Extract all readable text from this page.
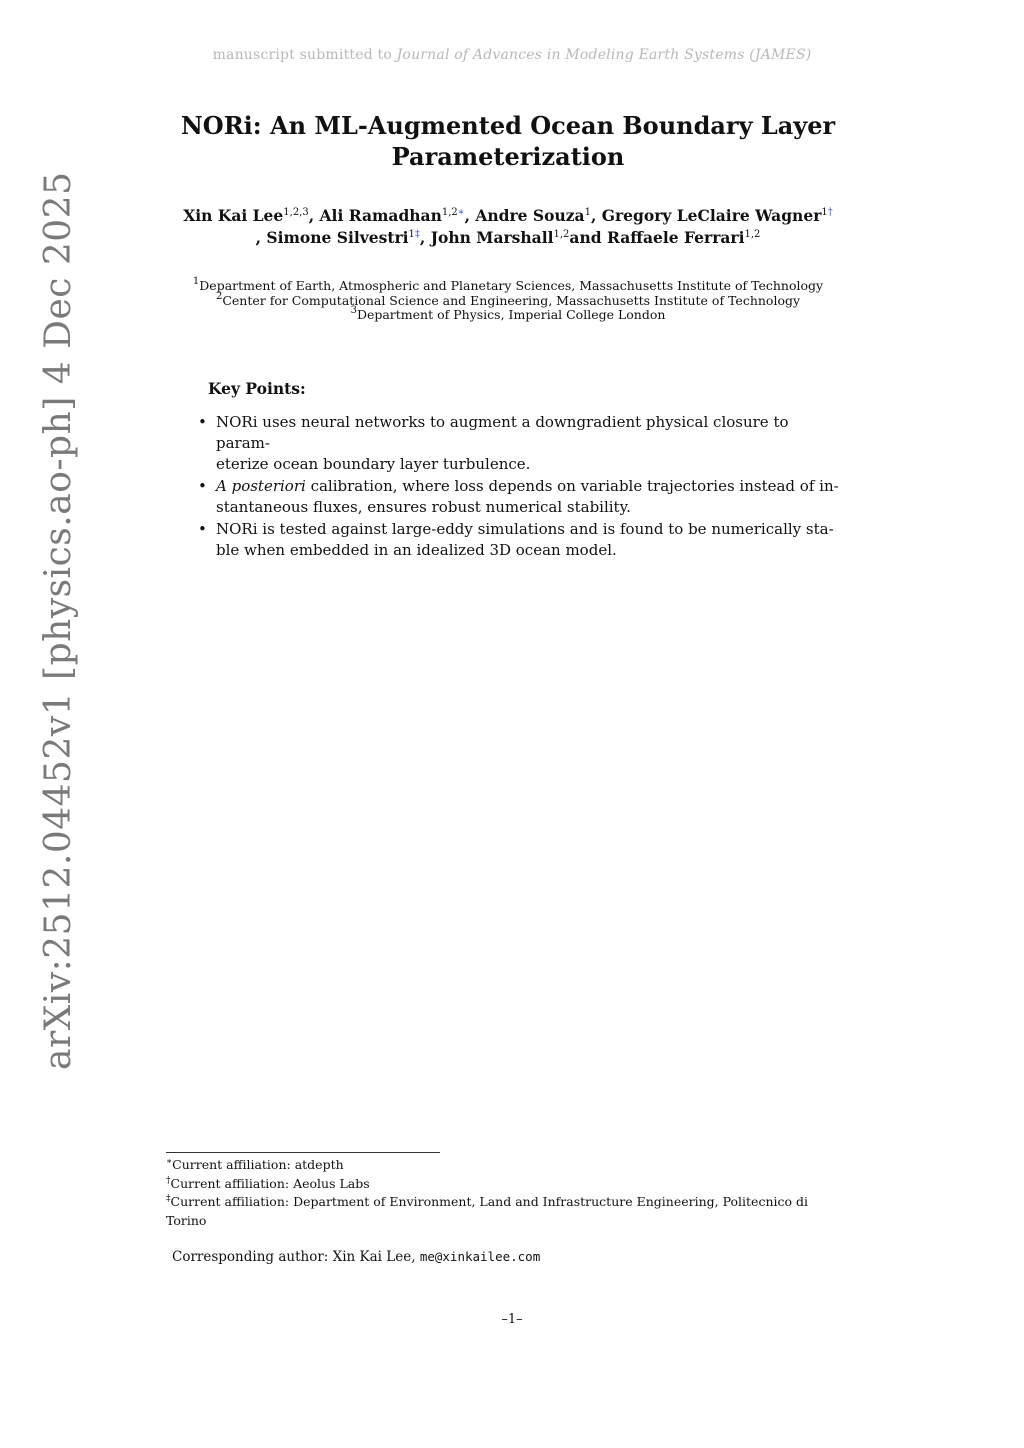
manuscript submitted to Journal of Advances in Modeling Earth Systems (JAMES)
NORi: An ML-Augmented Ocean Boundary Layer
Parameterization
Xin Kai Lee$^{1,2,3}$, Ali Ramadhan$^{1,2∗}$, Andre Souza$^1$, Gregory LeClaire Wagner$^{1\dagger}$
, Simone Silvestri$^{1\ddagger}$, John Marshall$^{1,2}$and Raffaele Ferrari$^{1,2}$
$^1$Department of Earth, Atmospheric and Planetary Sciences, Massachusetts Institute of Technology
$^2$Center for Computational Science and Engineering, Massachusetts Institute of Technology
$^3$Department of Physics, Imperial College London
Key Points:
• NORi uses neural networks to augment a downgradient physical closure to param-
eterize ocean boundary layer turbulence.
• A posteriori calibration, where loss depends on variable trajectories instead of in-
stantaneous fluxes, ensures robust numerical stability.
• NORi is tested against large-eddy simulations and is found to be numerically sta-
ble when embedded in an idealized 3D ocean model.
arXiv:2512.04452v1 [physics.ao-ph] 4 Dec 2025
∗Current affiliation: atdepth
†Current affiliation: Aeolus Labs
‡Current affiliation: Department of Environment, Land and Infrastructure Engineering, Politecnico di Torino
Corresponding author: Xin Kai Lee, me@xinkailee.com
–1–
